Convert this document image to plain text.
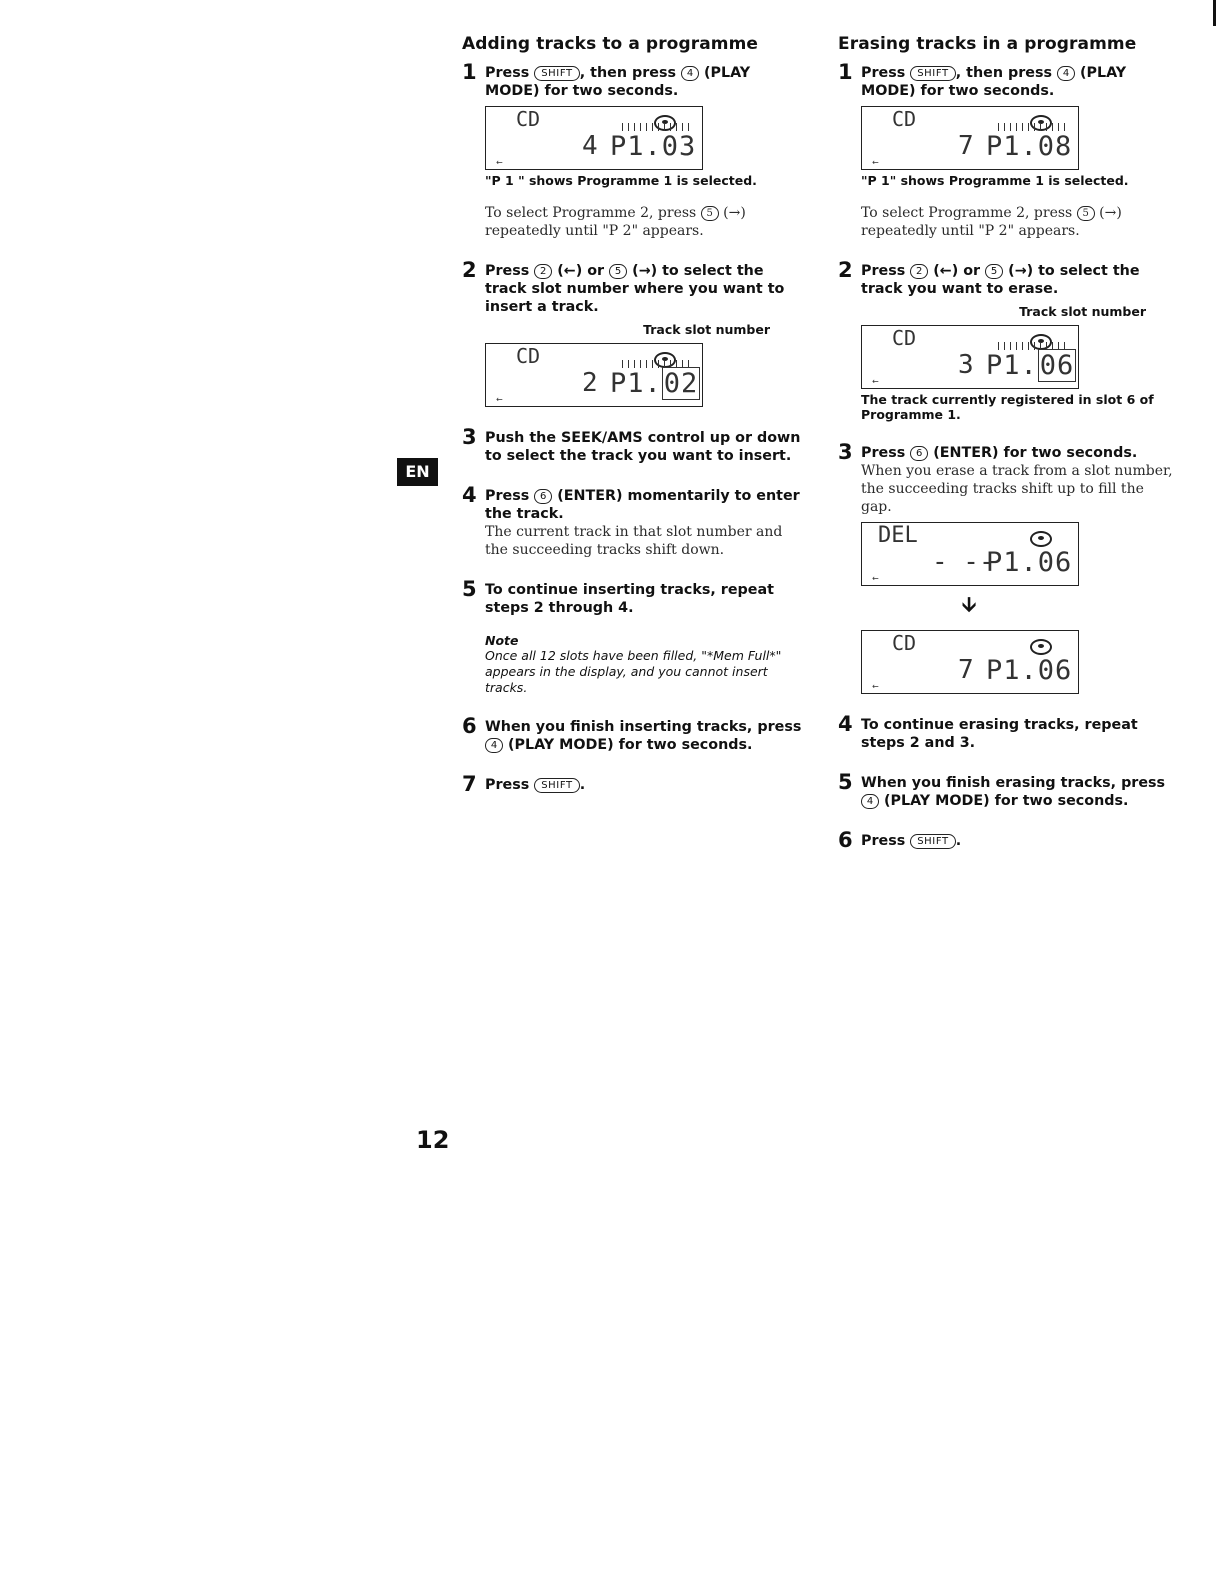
EN
Adding tracks to a programme
1 Press SHIFT , then press 4 (PLAY MODE) for two seconds.
CD
4 P1.03
←
"P 1 " shows Programme 1 is selected.
To select Programme 2, press 5 (→) repeatedly until "P 2" appears.
2 Press 2 (←) or 5 (→) to select the track slot number where you want to insert a track.
Track slot number
CD
2 P1.02
←
3 Push the SEEK/AMS control up or down to select the track you want to insert.
4 Press 6 (ENTER) momentarily to enter the track.
The current track in that slot number and the succeeding tracks shift down.
5 To continue inserting tracks, repeat steps 2 through 4.
Note
Once all 12 slots have been filled, "*Mem Full*" appears in the display, and you cannot insert tracks.
6 When you finish inserting tracks, press 4 (PLAY MODE) for two seconds.
7 Press SHIFT .
Erasing tracks in a programme
1 Press SHIFT , then press 4 (PLAY MODE) for two seconds.
CD
7 P1.08
←
"P 1" shows Programme 1 is selected.
To select Programme 2, press 5 (→) repeatedly until "P 2" appears.
2 Press 2 (←) or 5 (→) to select the track you want to erase.
Track slot number
CD
3 P1.06
←
The track currently registered in slot 6 of Programme 1.
3 Press 6 (ENTER) for two seconds.
When you erase a track from a slot number, the succeeding tracks shift up to fill the gap.
DEL
- --
P1.06
←
🡫
CD
7 P1.06
←
4 To continue erasing tracks, repeat steps 2 and 3.
5 When you finish erasing tracks, press 4 (PLAY MODE) for two seconds.
6 Press SHIFT .
12
